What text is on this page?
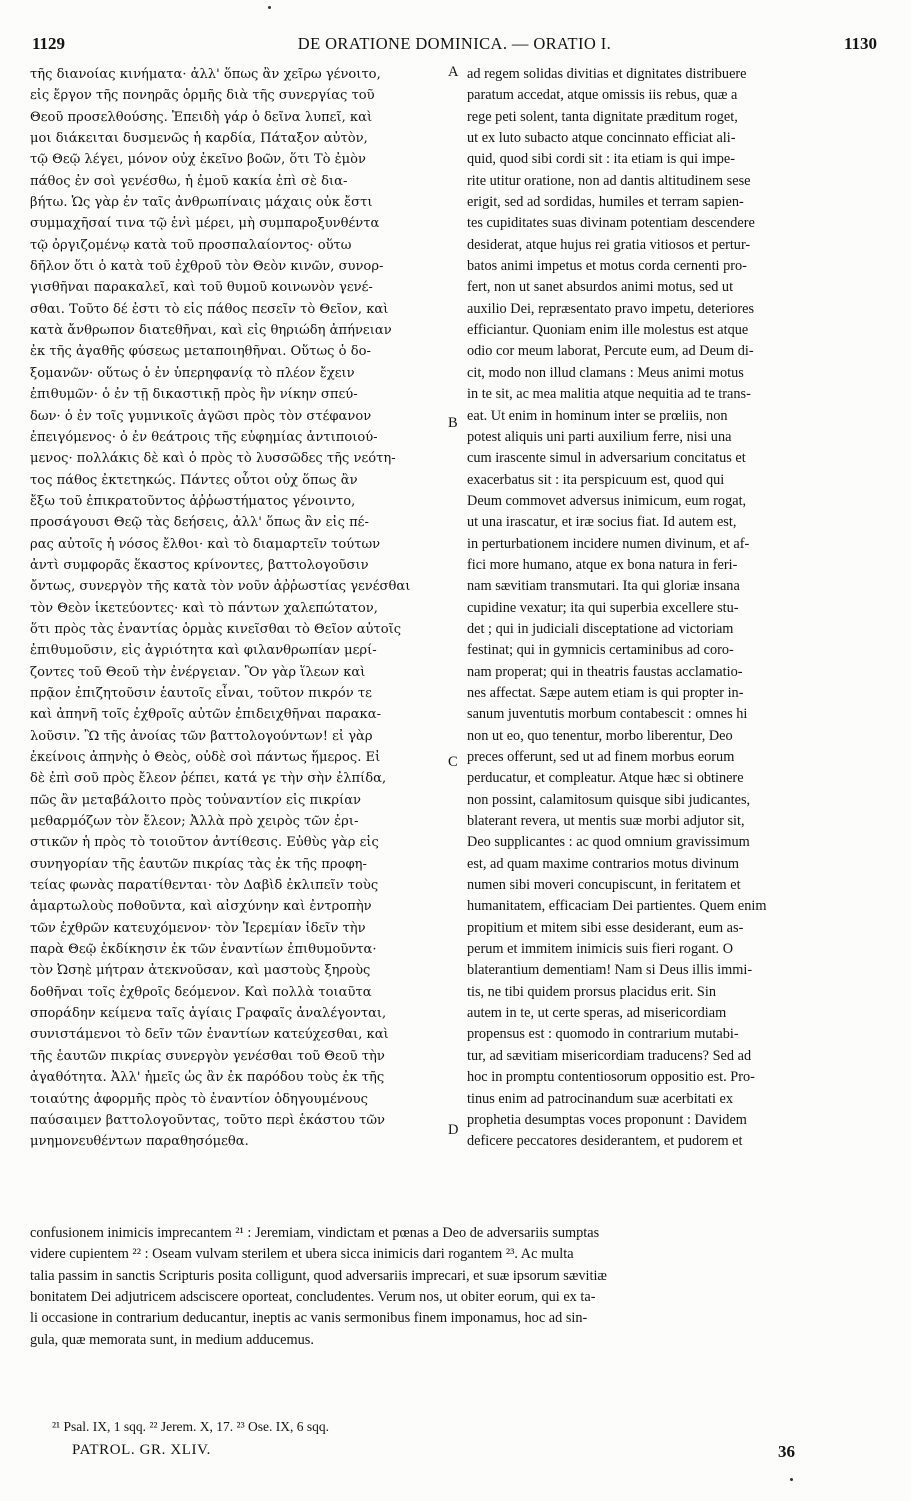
1129	DE ORATIONE DOMINICA. — ORATIO I.	1130
τῆς διανοίας κινήματα· ἀλλ' ὅπως ἂν χεῖρω γένοιτο,
εἰς ἔργον τῆς πονηρᾶς ὁρμῆς διὰ τῆς συνεργίας τοῦ
Θεοῦ προσελθούσης. Ἐπειδὴ γάρ ὁ δεῖνα λυπεῖ, καὶ
μοι διάκειται δυσμενῶς ἡ καρδία, Πάταξον αὐτὸν,
τῷ Θεῷ λέγει, μόνον οὐχ ἐκεῖνο βοῶν, ὅτι Τὸ ἐμὸν
πάθος ἐν σοὶ γενέσθω, ἡ ἐμοῦ κακία ἐπὶ σὲ δια-
βήτω. Ὡς γὰρ ἐν ταῖς ἀνθρωπίναις μάχαις οὐκ ἔστι
συμμαχῆσαί τινα τῷ ἑνὶ μέρει, μὴ συμπαροξυνθέντα
τῷ ὀργιζομένῳ κατὰ τοῦ προσπαλαίοντος· οὕτω
δῆλον ὅτι ὁ κατὰ τοῦ ἐχθροῦ τὸν Θεὸν κινῶν, συνορ-
γισθῆναι παρακαλεῖ, καὶ τοῦ θυμοῦ κοινωνὸν γενέ-
σθαι. Τοῦτο δέ ἐστι τὸ εἰς πάθος πεσεῖν τὸ Θεῖον, καὶ
κατὰ ἄνθρωπον διατεθῆναι, καὶ εἰς θηριώδη ἀπήνειαν
ἐκ τῆς ἀγαθῆς φύσεως μεταποιηθῆναι. Οὕτως ὁ δο-
ξομανῶν· οὕτως ὁ ἐν ὑπερηφανίᾳ τὸ πλέον ἔχειν
ἐπιθυμῶν· ὁ ἐν τῇ δικαστικῇ πρὸς ἣν νίκην σπεύ-
δων· ὁ ἐν τοῖς γυμνικοῖς ἀγῶσι πρὸς τὸν στέφανον
ἐπειγόμενος· ὁ ἐν θεάτροις τῆς εὐφημίας ἀντιποιού-
μενος· πολλάκις δὲ καὶ ὁ πρὸς τὸ λυσσῶδες τῆς νεότη-
τος πάθος ἐκτετηκώς. Πάντες οὗτοι οὐχ ὅπως ἂν
ἔξω τοῦ ἐπικρατοῦντος ἀῤῥωστήματος γένοιντο,
προσάγουσι Θεῷ τὰς δεήσεις, ἀλλ' ὅπως ἂν εἰς πέ-
ρας αὐτοῖς ἡ νόσος ἔλθοι· καὶ τὸ διαμαρτεῖν τούτων
ἀντὶ συμφορᾶς ἕκαστος κρίνοντες, βαττολογοῦσιν
ὄντως, συνεργὸν τῆς κατὰ τὸν νοῦν ἀῤῥωστίας γενέσθαι
τὸν Θεὸν ἱκετεύοντες· καὶ τὸ πάντων χαλεπώτατον,
ὅτι πρὸς τὰς ἐναντίας ὁρμὰς κινεῖσθαι τὸ Θεῖον αὐτοῖς
ἐπιθυμοῦσιν, εἰς ἀγριότητα καὶ φιλανθρωπίαν μερί-
ζοντες τοῦ Θεοῦ τὴν ἐνέργειαν. Ὃν γὰρ ἵλεων καὶ
πρᾷον ἐπιζητοῦσιν ἑαυτοῖς εἶναι, τοῦτον πικρόν τε
καὶ ἀπηνῆ τοῖς ἐχθροῖς αὐτῶν ἐπιδειχθῆναι παρακα-
λοῦσιν. Ὢ τῆς ἀνοίας τῶν βαττολογούντων! εἰ γὰρ
ἐκείνοις ἀπηνὴς ὁ Θεὸς, οὐδὲ σοὶ πάντως ἥμερος. Εἰ
δὲ ἐπὶ σοῦ πρὸς ἔλεον ῥέπει, κατά γε τὴν σὴν ἐλπίδα,
πῶς ἂν μεταβάλοιτο πρὸς τοὐναντίον εἰς πικρίαν
μεθαρμόζων τὸν ἔλεον; Ἀλλὰ πρὸ χειρὸς τῶν ἐρι-
στικῶν ἡ πρὸς τὸ τοιοῦτον ἀντίθεσις. Εὐθὺς γὰρ εἰς
συνηγορίαν τῆς ἑαυτῶν πικρίας τὰς ἐκ τῆς προφη-
τείας φωνὰς παρατίθενται· τὸν Δαβὶδ ἐκλιπεῖν τοὺς
ἁμαρτωλοὺς ποθοῦντα, καὶ αἰσχύνην καὶ ἐντροπὴν
τῶν ἐχθρῶν κατευχόμενον· τὸν Ἱερεμίαν ἰδεῖν τὴν
παρὰ Θεῷ ἐκδίκησιν ἐκ τῶν ἐναντίων ἐπιθυμοῦντα·
τὸν Ὠσηὲ μήτραν ἀτεκνοῦσαν, καὶ μαστοὺς ξηροὺς
δοθῆναι τοῖς ἐχθροῖς δεόμενον. Καὶ πολλὰ τοιαῦτα
σποράδην κείμενα ταῖς ἁγίαις Γραφαῖς ἀναλέγονται,
συνιστάμενοι τὸ δεῖν τῶν ἐναντίων κατεύχεσθαι, καὶ
τῆς ἑαυτῶν πικρίας συνεργὸν γενέσθαι τοῦ Θεοῦ τὴν
ἀγαθότητα. Ἀλλ' ἡμεῖς ὡς ἂν ἐκ παρόδου τοὺς ἐκ τῆς
τοιαύτης ἀφορμῆς πρὸς τὸ ἐναντίον ὁδηγουμένους
παύσαιμεν βαττολογοῦντας, τοῦτο περὶ ἑκάστου τῶν
μνημονευθέντων παραθησόμεθα.
A
B
C
D
ad regem solidas divitias et dignitates distribuere
paratum accedat, atque omissis iis rebus, quæ a
rege peti solent, tanta dignitate præditum roget,
ut ex luto subacto atque concinnato efficiat ali-
quid, quod sibi cordi sit : ita etiam is qui impe-
rite utitur oratione, non ad dantis altitudinem sese
erigit, sed ad sordidas, humiles et terram sapien-
tes cupiditates suas divinam potentiam descendere
desiderat, atque hujus rei gratia vitiosos et pertur-
batos animi impetus et motus corda cernenti pro-
fert, non ut sanet absurdos animi motus, sed ut
auxilio Dei, repræsentato pravo impetu, deteriores
efficiantur. Quoniam enim ille molestus est atque
odio cor meum laborat, Percute eum, ad Deum di-
cit, modo non illud clamans : Meus animi motus
in te sit, ac mea malitia atque nequitia ad te trans-
eat. Ut enim in hominum inter se prœliis, non
potest aliquis uni parti auxilium ferre, nisi una
cum irascente simul in adversarium concitatus et
exacerbatus sit : ita perspicuum est, quod qui
Deum commovet adversus inimicum, eum rogat,
ut una irascatur, et iræ socius fiat. Id autem est,
in perturbationem incidere numen divinum, et af-
fici more humano, atque ex bona natura in feri-
nam sævitiam transmutari. Ita qui gloriæ insana
cupidine vexatur; ita qui superbia excellere stu-
det ; qui in judiciali disceptatione ad victoriam
festinat; qui in gymnicis certaminibus ad coro-
nam properat; qui in theatris faustas acclamatio-
nes affectat. Sæpe autem etiam is qui propter in-
sanum juventutis morbum contabescit : omnes hi
non ut eo, quo tenentur, morbo liberentur, Deo
preces offerunt, sed ut ad finem morbus eorum
perducatur, et compleatur. Atque hæc si obtinere
non possint, calamitosum quisque sibi judicantes,
blaterant revera, ut mentis suæ morbi adjutor sit,
Deo supplicantes : ac quod omnium gravissimum
est, ad quam maxime contrarios motus divinum
numen sibi moveri concupiscunt, in feritatem et
humanitatem, efficaciam Dei partientes. Quem enim
propitium et mitem sibi esse desiderant, eum as-
perum et immitem inimicis suis fieri rogant. O
blaterantium dementiam! Nam si Deus illis immi-
tis, ne tibi quidem prorsus placidus erit. Sin
autem in te, ut certe speras, ad misericordiam
propensus est : quomodo in contrarium mutabi-
tur, ad sævitiam misericordiam traducens? Sed ad
hoc in promptu contentiosorum oppositio est. Pro-
tinus enim ad patrocinandum suæ acerbitati ex
prophetia desumptas voces proponunt : Davidem
deficere peccatores desiderantem, et pudorem et
confusionem inimicis imprecantem ²¹ : Jeremiam, vindictam et pœnas a Deo de adversariis sumptas
videre cupientem ²² : Oseam vulvam sterilem et ubera sicca inimicis dari rogantem ²³. Ac multa
talia passim in sanctis Scripturis posita colligunt, quod adversariis imprecari, et suæ ipsorum sævitiæ
bonitatem Dei adjutricem adsciscere oporteat, concludentes. Verum nos, ut obiter eorum, qui ex ta-
li occasione in contrarium deducantur, ineptis ac vanis sermonibus finem imponamus, hoc ad sin-
gula, quæ memorata sunt, in medium adducemus.
²¹ Psal. IX, 1 sqq. ²² Jerem. X, 17. ²³ Ose. IX, 6 sqq.
PATROL. GR. XLIV.	36
